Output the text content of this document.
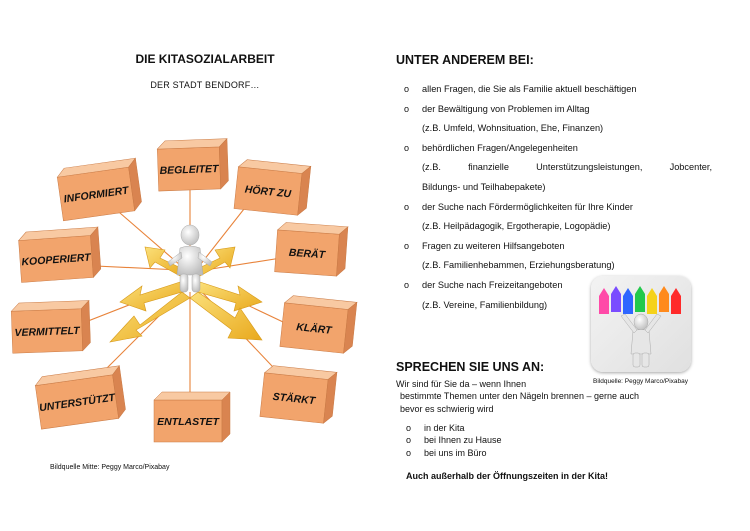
DIE KITASOZIALARBEIT
DER STADT BENDORF…
BEGLEITET
HÖRT ZU
INFORMIERT
KOOPERIERT	BERÄT
VERMITTELT	KLÄRT
UNTERSTÜTZT
ENTLASTET
STÄRKT
Bildquelle Mitte: Peggy Marco/Pixabay
UNTER ANDEREM BEI:
o allen Fragen, die Sie als Familie aktuell beschäftigen
o der Bewältigung von Problemen im Alltag
(z.B. Umfeld, Wohnsituation, Ehe, Finanzen)
o behördlichen Fragen/Angelegenheiten
(z.B. finanzielle Unterstützungsleistungen, Jobcenter,
Bildungs- und Teilhabepakete)
o der Suche nach Fördermöglichkeiten für Ihre Kinder
(z.B. Heilpädagogik, Ergotherapie, Logopädie)
o Fragen zu weiteren Hilfsangeboten
(z.B. Familienhebammen, Erziehungsberatung)
o der Suche nach Freizeitangeboten
(z.B. Vereine, Familienbildung)
Bildquelle: Peggy Marco/Pixabay
SPRECHEN SIE UNS AN:
Wir sind für Sie da – wenn Ihnen
bestimmte Themen unter den Nägeln brennen – gerne auch
bevor es schwierig wird
o in der Kita
o bei Ihnen zu Hause
o bei uns im Büro
Auch außerhalb der Öffnungszeiten in der Kita!
